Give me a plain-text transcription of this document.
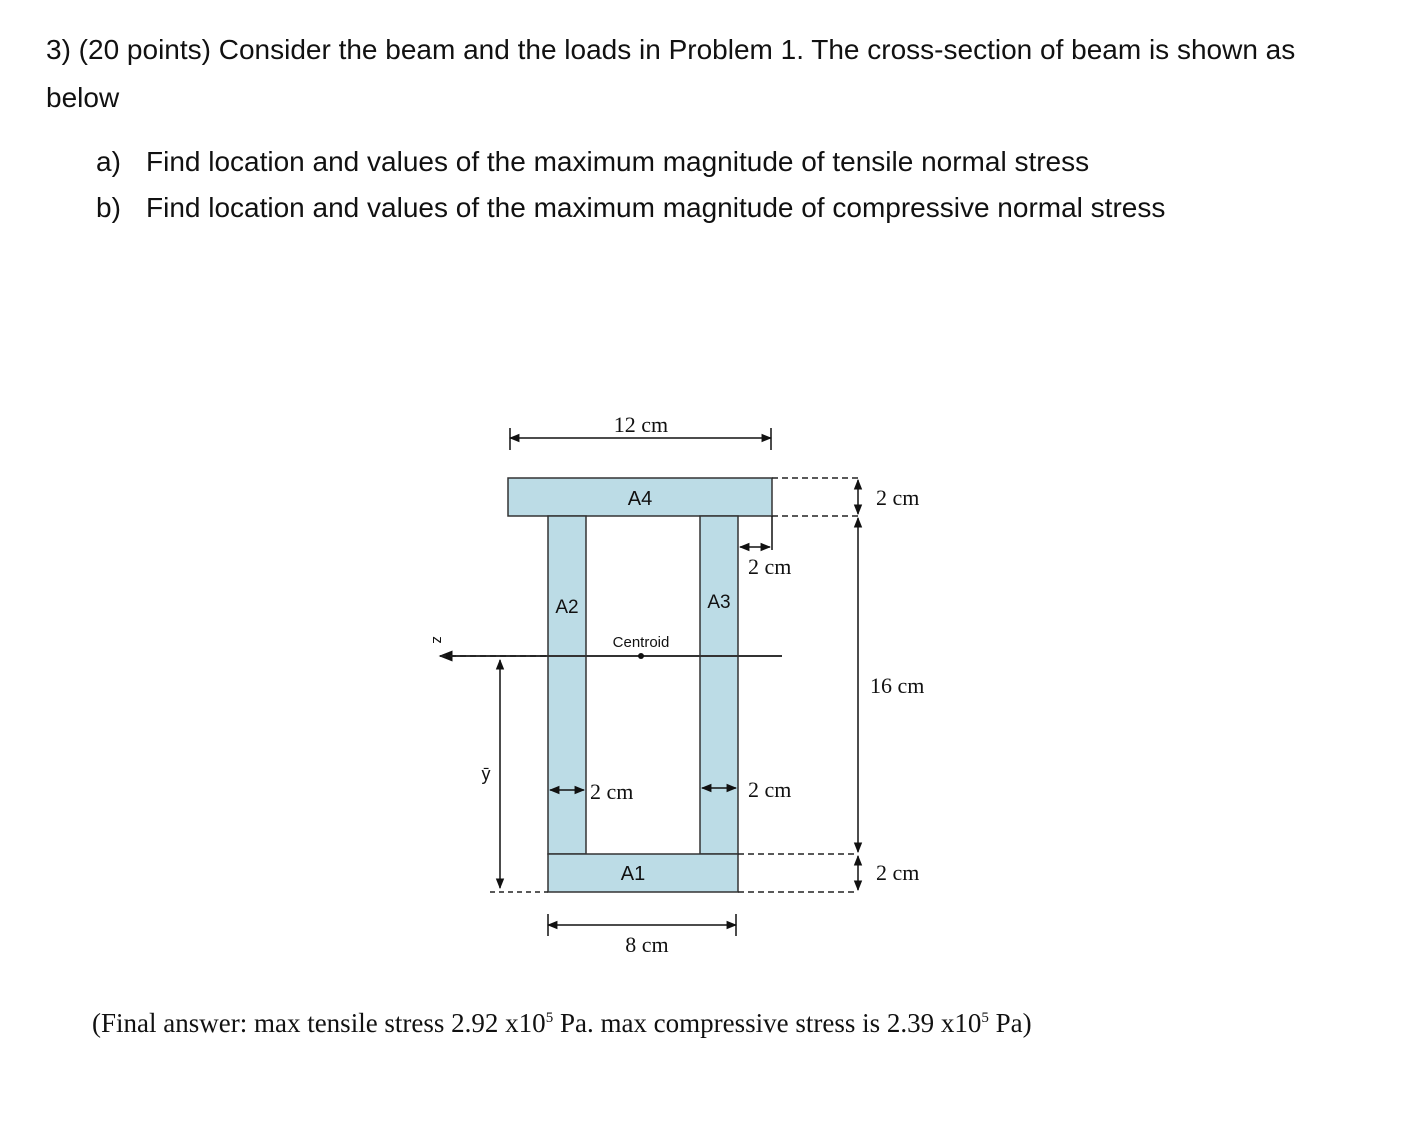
3) (20 points) Consider the beam and the loads in Problem 1. The cross-section of beam is shown as below
a) Find location and values of the maximum magnitude of tensile normal stress
b) Find location and values of the maximum magnitude of compressive normal stress
A4
A2	A3
A1
z	Centroid
12 cm
8 cm
2 cm
16 cm
2 cm
2 cm
2 cm	2 cm
ȳ
(Final answer: max tensile stress 2.92 $x10^5$ Pa. max compressive stress is 2.39 $x10^5$ Pa)
